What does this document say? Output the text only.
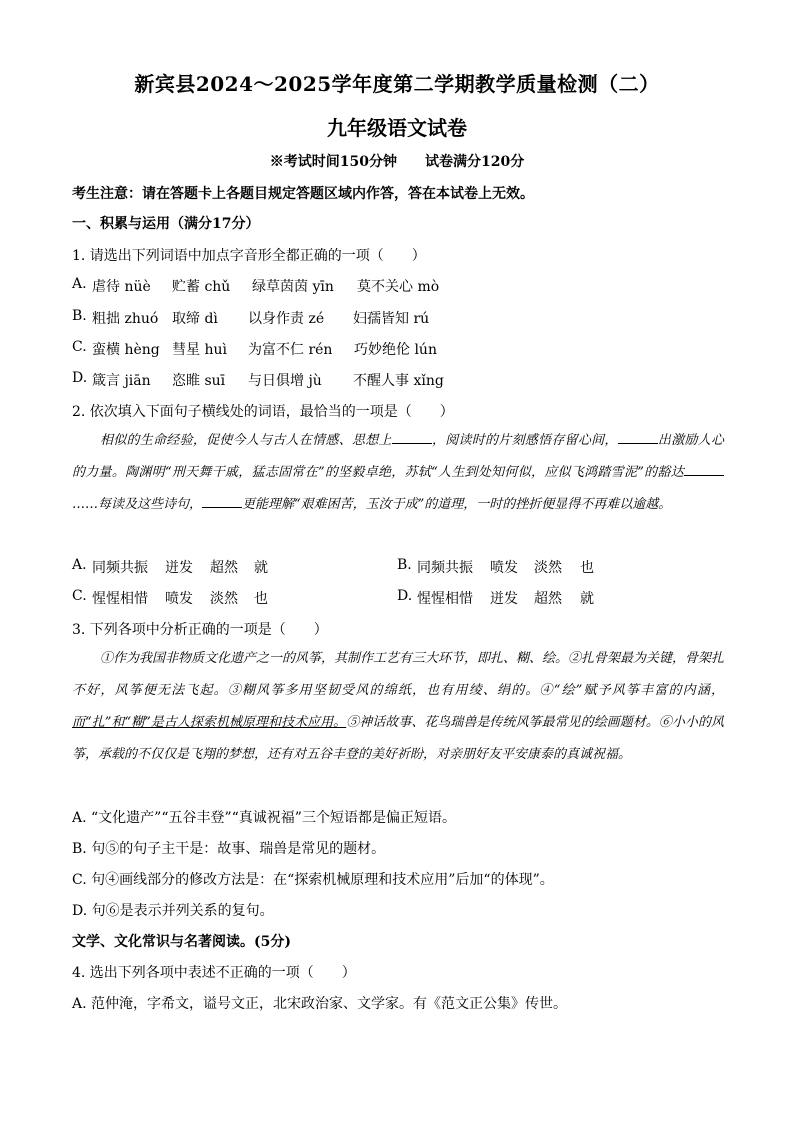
新宾县2024～2025学年度第二学期教学质量检测（二）
九年级语文试卷
※考试时间150分钟　　试卷满分120分
考生注意：请在答题卡上各题目规定答题区域内作答，答在本试卷上无效。
一、积累与运用（满分17分）
1. 请选出下列词语中加点字音形全都正确的一项（　　）
A. 虐待 nüè 贮蓄 chǔ 绿草茵茵 yīn 莫不关心 mò
B. 粗拙 zhuó 取缔 dì 以身作责 zé 妇孺皆知 rú
C. 蛮横 hèng 彗星 huì 为富不仁 rén 巧妙绝伦 lún
D. 箴言 jiān 恣睢 suī 与日俱增 jù 不醒人事 xǐng
2. 依次填入下面句子横线处的词语，最恰当的一项是（　　）

相似的生命经验，促使今人与古人在情感、思想上	，阅读时的片刻感悟存留心间，	出激励人心的力量。陶渊明“刑天舞干戚，猛志固常在”的坚毅卓绝，苏轼“人生到处知何似，应似飞鸿踏雪泥”的豁达……每读及这些诗句，	更能理解“艰难困苦，玉汝于成”的道理，一时的挫折便显得不再难以逾越。

A. 同频共振 迸发 超然 就	B. 同频共振 喷发 淡然 也
C. 惺惺相惜 喷发 淡然 也	D. 惺惺相惜 迸发 超然 就
3. 下列各项中分析正确的一项是（　　）

①作为我国非物质文化遗产之一的风筝，其制作工艺有三大环节，即扎、糊、绘。②扎骨架最为关键，骨架扎不好，风筝便无法飞起。③糊风筝多用坚韧受风的绵纸，也有用绫、绢的。④“绘”赋予风筝丰富的内涵，而“扎”和“糊”是古人探索机械原理和技术应用。⑤神话故事、花鸟瑞兽是传统风筝最常见的绘画题材。⑥小小的风筝，承载的不仅仅是飞翔的梦想，还有对五谷丰登的美好祈盼，对亲朋好友平安康泰的真诚祝福。

A. “文化遗产”“五谷丰登”“真诚祝福”三个短语都是偏正短语。
B. 句⑤的句子主干是：故事、瑞兽是常见的题材。
C. 句④画线部分的修改方法是：在“探索机械原理和技术应用”后加“的体现”。
D. 句⑥是表示并列关系的复句。
文学、文化常识与名著阅读。(5分)
4. 选出下列各项中表述不正确的一项（　　）
A. 范仲淹，字希文，谥号文正，北宋政治家、文学家。有《范文正公集》传世。
